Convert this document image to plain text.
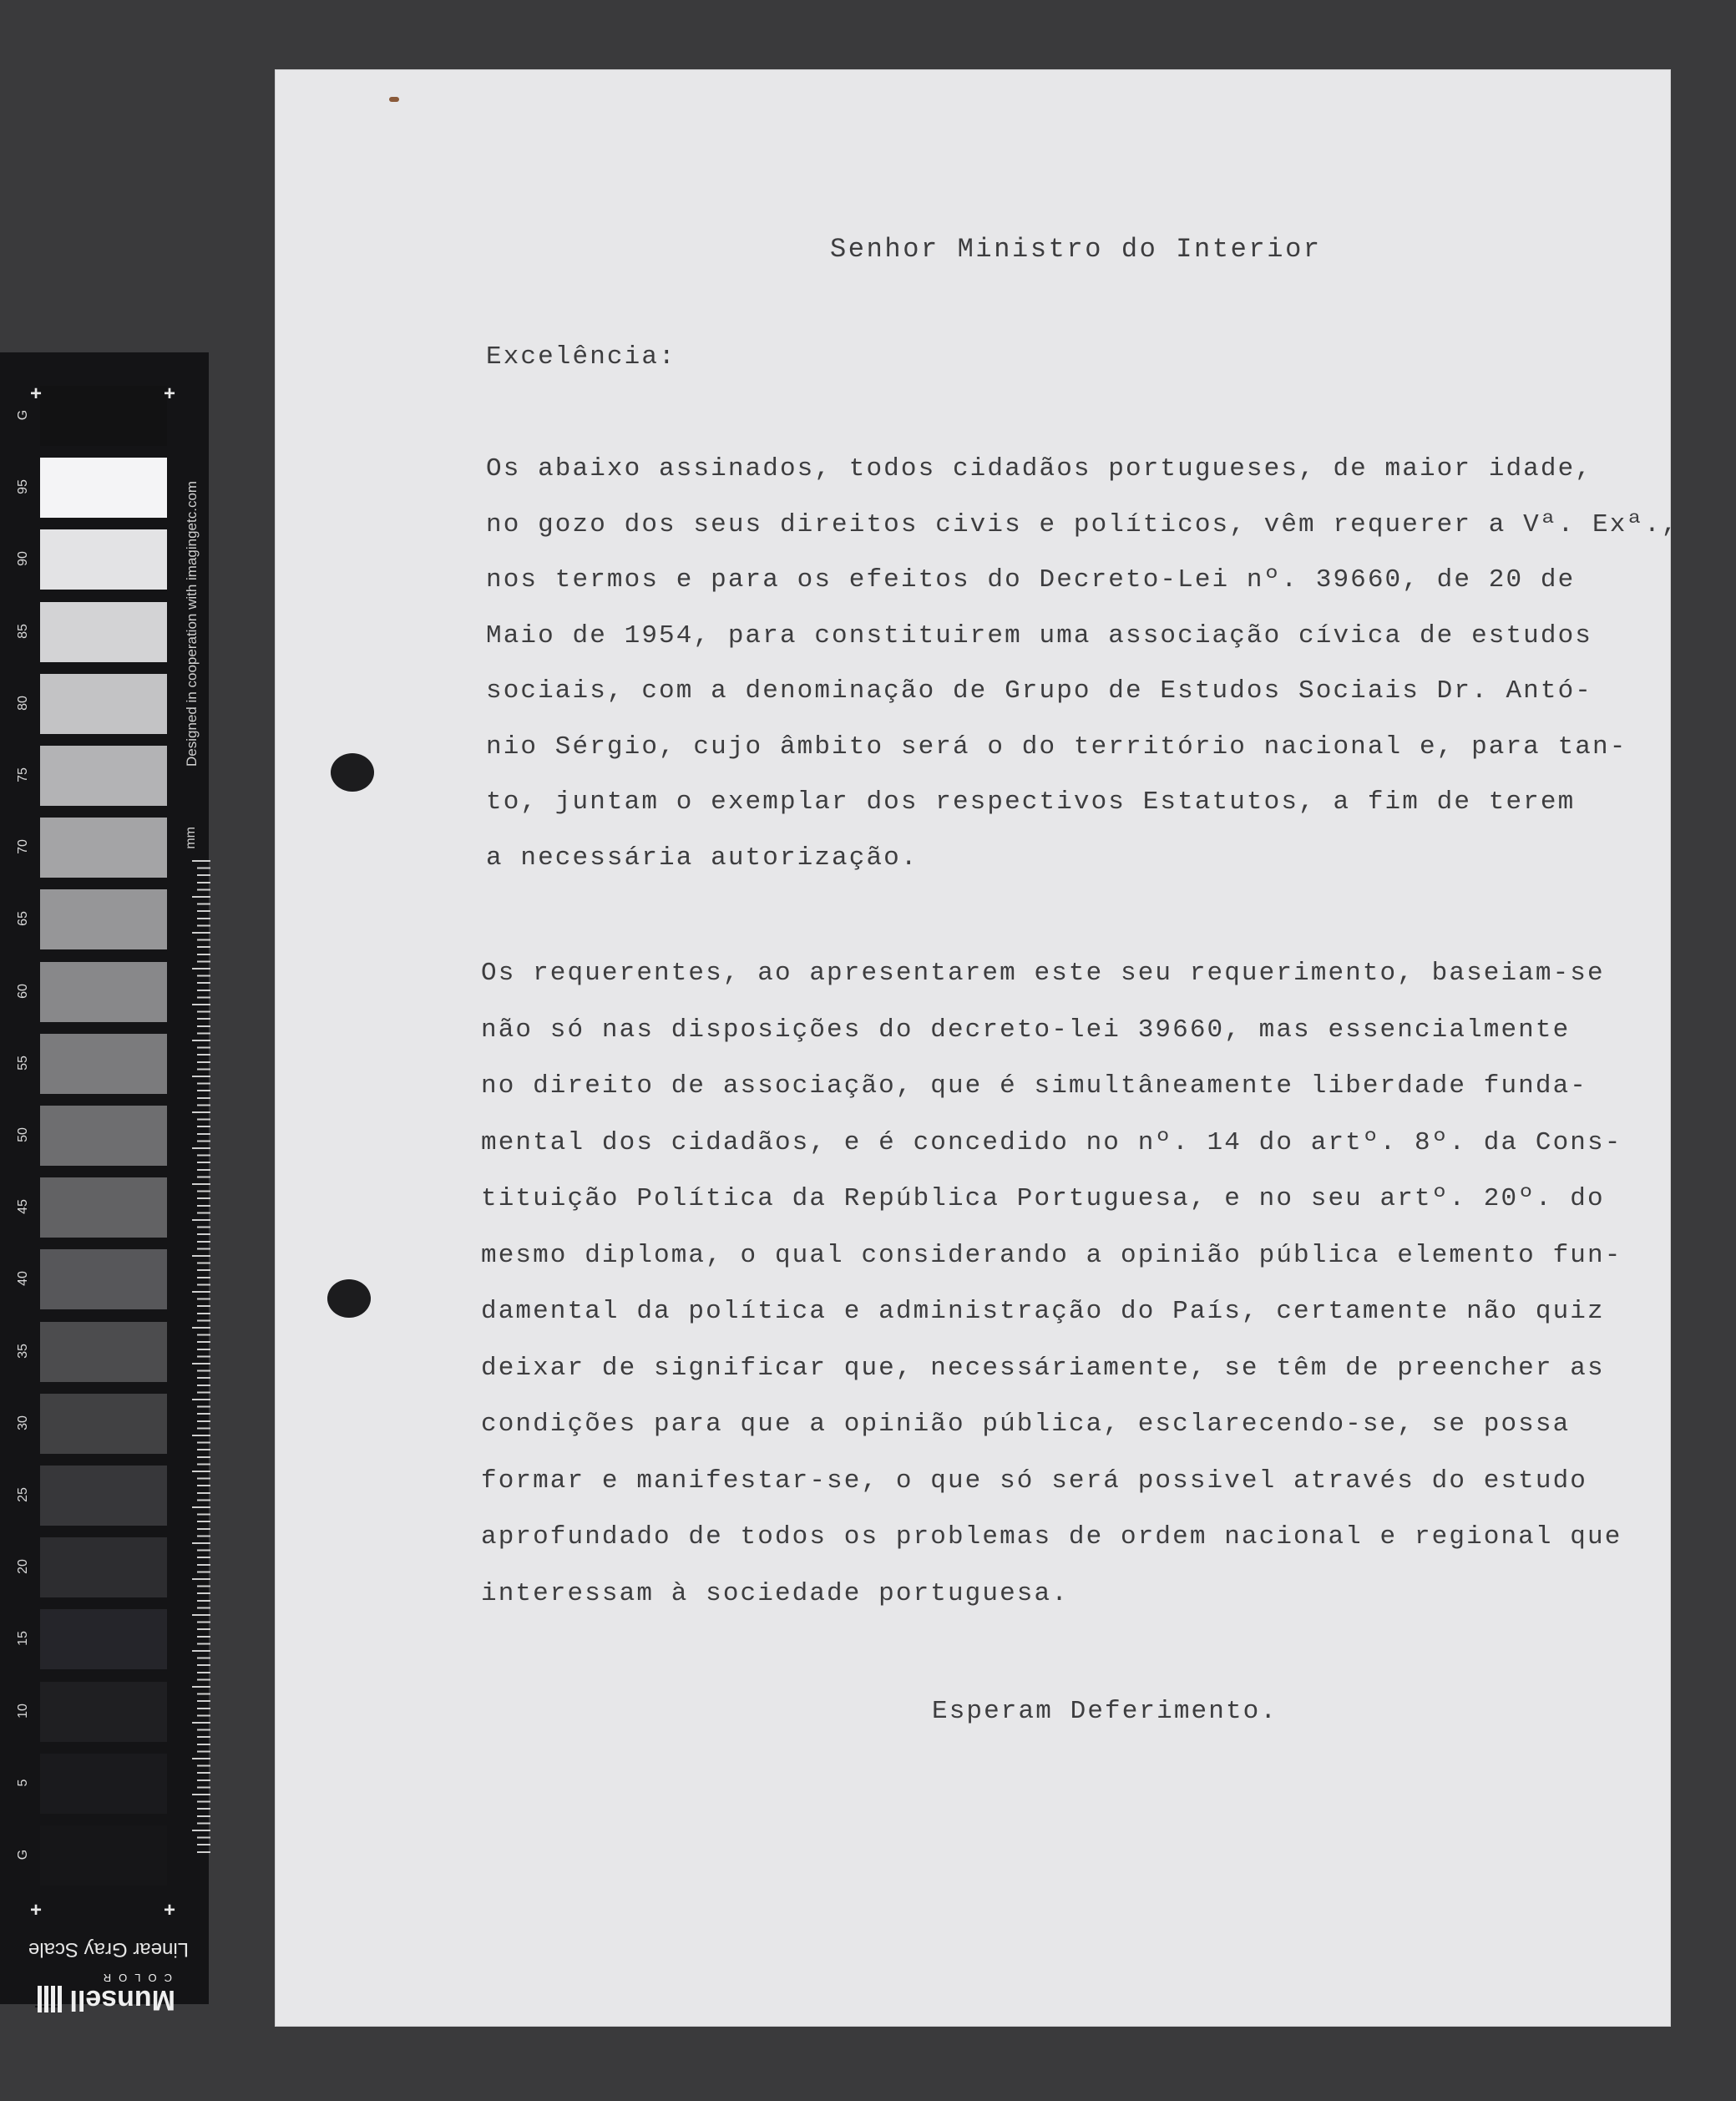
G
95
90
85
80
75
70
65
60
55
50
45
40
35
30
25
20
15
10
5
G
+	+
+	+
Designed in cooperation with imagingetc.com
mm
Linear Gray Scale
Munsell
COLOR
Senhor Ministro do Interior
Excelência:
Os abaixo assinados, todos cidadãos portugueses, de maior idade,
no gozo dos seus direitos civis e políticos, vêm requerer a Vª. Exª.,
nos termos e para os efeitos do Decreto-Lei nº. 39660, de 20 de
Maio de 1954, para constituirem uma associação cívica de estudos
sociais, com a denominação de Grupo de Estudos Sociais Dr. Antó-
nio Sérgio, cujo âmbito será o do território nacional e, para tan-
to, juntam o exemplar dos respectivos Estatutos, a fim de terem
a necessária autorização.
Os requerentes, ao apresentarem este seu requerimento, baseiam-se
não só nas disposições do decreto-lei 39660, mas essencialmente
no direito de associação, que é simultâneamente liberdade funda-
mental dos cidadãos, e é concedido no nº. 14 do artº. 8º. da Cons-
tituição Política da República Portuguesa, e no seu artº. 20º. do
mesmo diploma, o qual considerando a opinião pública elemento fun-
damental da política e administração do País, certamente não quiz
deixar de significar que, necessáriamente, se têm de preencher as
condições para que a opinião pública, esclarecendo-se, se possa
formar e manifestar-se, o que só será possivel através do estudo
aprofundado de todos os problemas de ordem nacional e regional que
interessam à sociedade portuguesa.
Esperam Deferimento.
